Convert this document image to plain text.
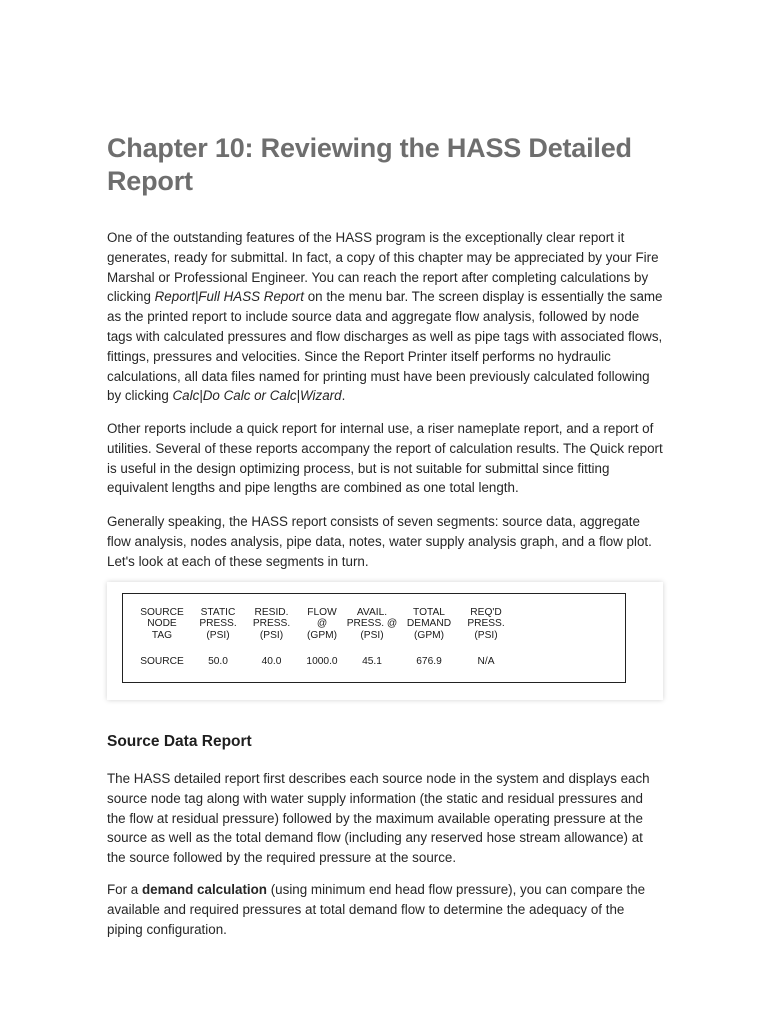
Chapter 10: Reviewing the HASS Detailed Report

One of the outstanding features of the HASS program is the exceptionally clear report it generates, ready for submittal. In fact, a copy of this chapter may be appreciated by your Fire Marshal or Professional Engineer. You can reach the report after completing calculations by clicking Report|Full HASS Report on the menu bar. The screen display is essentially the same as the printed report to include source data and aggregate flow analysis, followed by node tags with calculated pressures and flow discharges as well as pipe tags with associated flows, fittings, pressures and velocities. Since the Report Printer itself performs no hydraulic calculations, all data files named for printing must have been previously calculated following by clicking Calc|Do Calc or Calc|Wizard.

Other reports include a quick report for internal use, a riser nameplate report, and a report of utilities. Several of these reports accompany the report of calculation results. The Quick report is useful in the design optimizing process, but is not suitable for submittal since fitting equivalent lengths and pipe lengths are combined as one total length.

Generally speaking, the HASS report consists of seven segments: source data, aggregate flow analysis, nodes analysis, pipe data, notes, water supply analysis graph, and a flow plot. Let's look at each of these segments in turn.

SOURCE
NODE
TAG	STATIC
PRESS.
(PSI)	RESID.
PRESS.
(PSI)	FLOW
@
(GPM)	AVAIL.
PRESS. @
(PSI)	TOTAL
DEMAND
(GPM)	REQ'D
PRESS.
(PSI)
SOURCE	50.0	40.0	1000.0	45.1	676.9	N/A
Source Data Report

The HASS detailed report first describes each source node in the system and displays each source node tag along with water supply information (the static and residual pressures and the flow at residual pressure) followed by the maximum available operating pressure at the source as well as the total demand flow (including any reserved hose stream allowance) at the source followed by the required pressure at the source.

For a demand calculation (using minimum end head flow pressure), you can compare the available and required pressures at total demand flow to determine the adequacy of the piping configuration.
